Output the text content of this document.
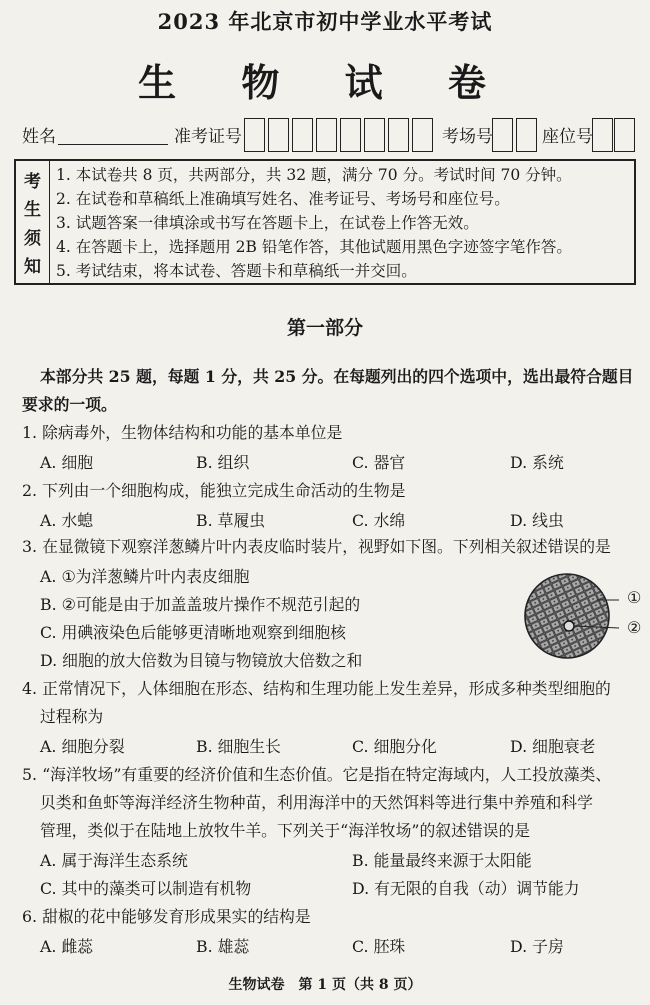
2023 年北京市初中学业水平考试
生 物 试 卷
姓名	准考证号	考场号	座位号
考
生
须
知
1. 本试卷共 8 页，共两部分，共 32 题，满分 70 分。考试时间 70 分钟。
2. 在试卷和草稿纸上准确填写姓名、准考证号、考场号和座位号。
3. 试题答案一律填涂或书写在答题卡上，在试卷上作答无效。
4. 在答题卡上，选择题用 2B 铅笔作答，其他试题用黑色字迹签字笔作答。
5. 考试结束，将本试卷、答题卡和草稿纸一并交回。
第一部分
本部分共 25 题，每题 1 分，共 25 分。在每题列出的四个选项中，选出最符合题目
要求的一项。
1. 除病毒外，生物体结构和功能的基本单位是
A. 细胞	B. 组织	C. 器官	D. 系统
2. 下列由一个细胞构成，能独立完成生命活动的生物是
A. 水螅	B. 草履虫	C. 水绵	D. 线虫
3. 在显微镜下观察洋葱鳞片叶内表皮临时装片，视野如下图。下列相关叙述错误的是
A. ①为洋葱鳞片叶内表皮细胞
B. ②可能是由于加盖盖玻片操作不规范引起的
C. 用碘液染色后能够更清晰地观察到细胞核
D. 细胞的放大倍数为目镜与物镜放大倍数之和
①
②
4. 正常情况下，人体细胞在形态、结构和生理功能上发生差异，形成多种类型细胞的
过程称为
A. 细胞分裂	B. 细胞生长	C. 细胞分化	D. 细胞衰老
5. “海洋牧场”有重要的经济价值和生态价值。它是指在特定海域内，人工投放藻类、
贝类和鱼虾等海洋经济生物种苗，利用海洋中的天然饵料等进行集中养殖和科学
管理，类似于在陆地上放牧牛羊。下列关于“海洋牧场”的叙述错误的是
A. 属于海洋生态系统	B. 能量最终来源于太阳能
C. 其中的藻类可以制造有机物	D. 有无限的自我（动）调节能力
6. 甜椒的花中能够发育形成果实的结构是
A. 雌蕊	B. 雄蕊	C. 胚珠	D. 子房
生物试卷　第 1 页（共 8 页）
